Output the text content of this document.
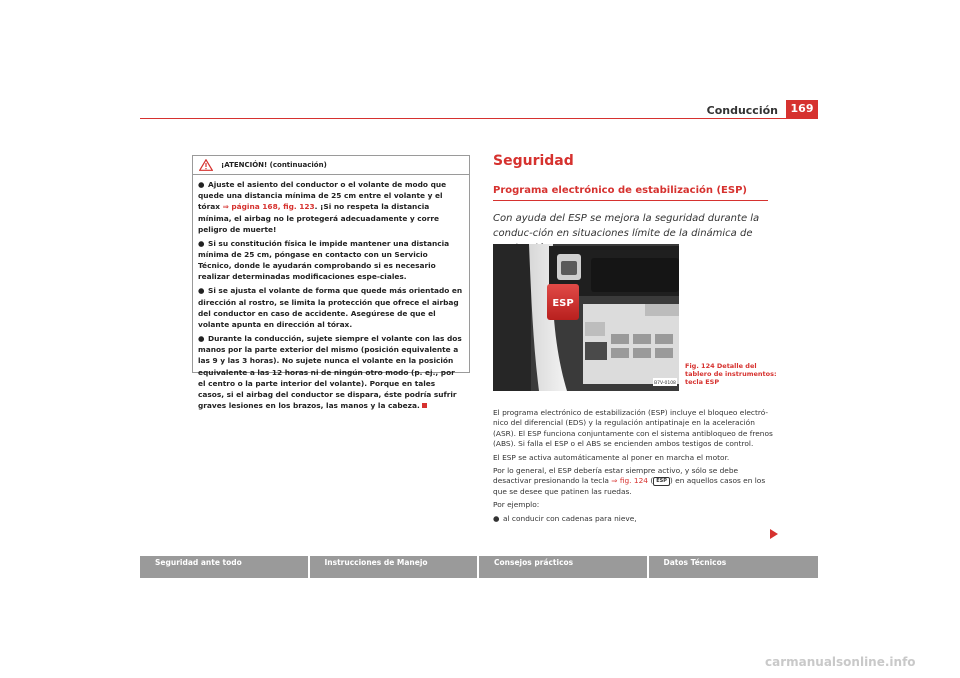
Conducción	169
¡ATENCIÓN! (continuación)

● Ajuste el asiento del conductor o el volante de modo que quede una distancia mínima de 25 cm entre el volante y el tórax ⇒ página 168, fig. 123. ¡Si no respeta la distancia mínima, el airbag no le protegerá adecuadamente y corre peligro de muerte!

● Si su constitución física le impide mantener una distancia mínima de 25 cm, póngase en contacto con un Servicio Técnico, donde le ayudarán comprobando si es necesario realizar determinadas modificaciones espe-ciales.

● Si se ajusta el volante de forma que quede más orientado en dirección al rostro, se limita la protección que ofrece el airbag del conductor en caso de accidente. Asegúrese de que el volante apunta en dirección al tórax.

● Durante la conducción, sujete siempre el volante con las dos manos por la parte exterior del mismo (posición equivalente a las 9 y las 3 horas). No sujete nunca el volante en la posición equivalente a las 12 horas ni de ningún otro modo (p. ej., por el centro o la parte interior del volante). Porque en tales casos, si el airbag del conductor se dispara, éste podría sufrir graves lesiones en los brazos, las manos y la cabeza.

Seguridad
Programa electrónico de estabilización (ESP)
Con ayuda del ESP se mejora la seguridad durante la conduc-ción en situaciones límite de la dinámica de
ESP
B7V-0108
Fig. 124 Detalle del
tablero de instrumentos:
tecla ESP

El programa electrónico de estabilización (ESP) incluye el bloqueo electró-nico del diferencial (EDS) y la regulación antipatinaje en la aceleración (ASR). El ESP funciona conjuntamente con el sistema antibloqueo de frenos (ABS). Si falla el ESP o el ABS se encienden ambos testigos de control.

El ESP se activa automáticamente al poner en marcha el motor.

Por lo general, el ESP debería estar siempre activo, y sólo se debe desactivar presionando la tecla ⇒ fig. 124 ( ESP ) en aquellos casos en los que se desee que patinen las ruedas.

Por ejemplo:

● al conducir con cadenas para nieve,

Seguridad ante todo	Instrucciones de Manejo	Consejos prácticos	Datos Técnicos
carmanualsonline.info
